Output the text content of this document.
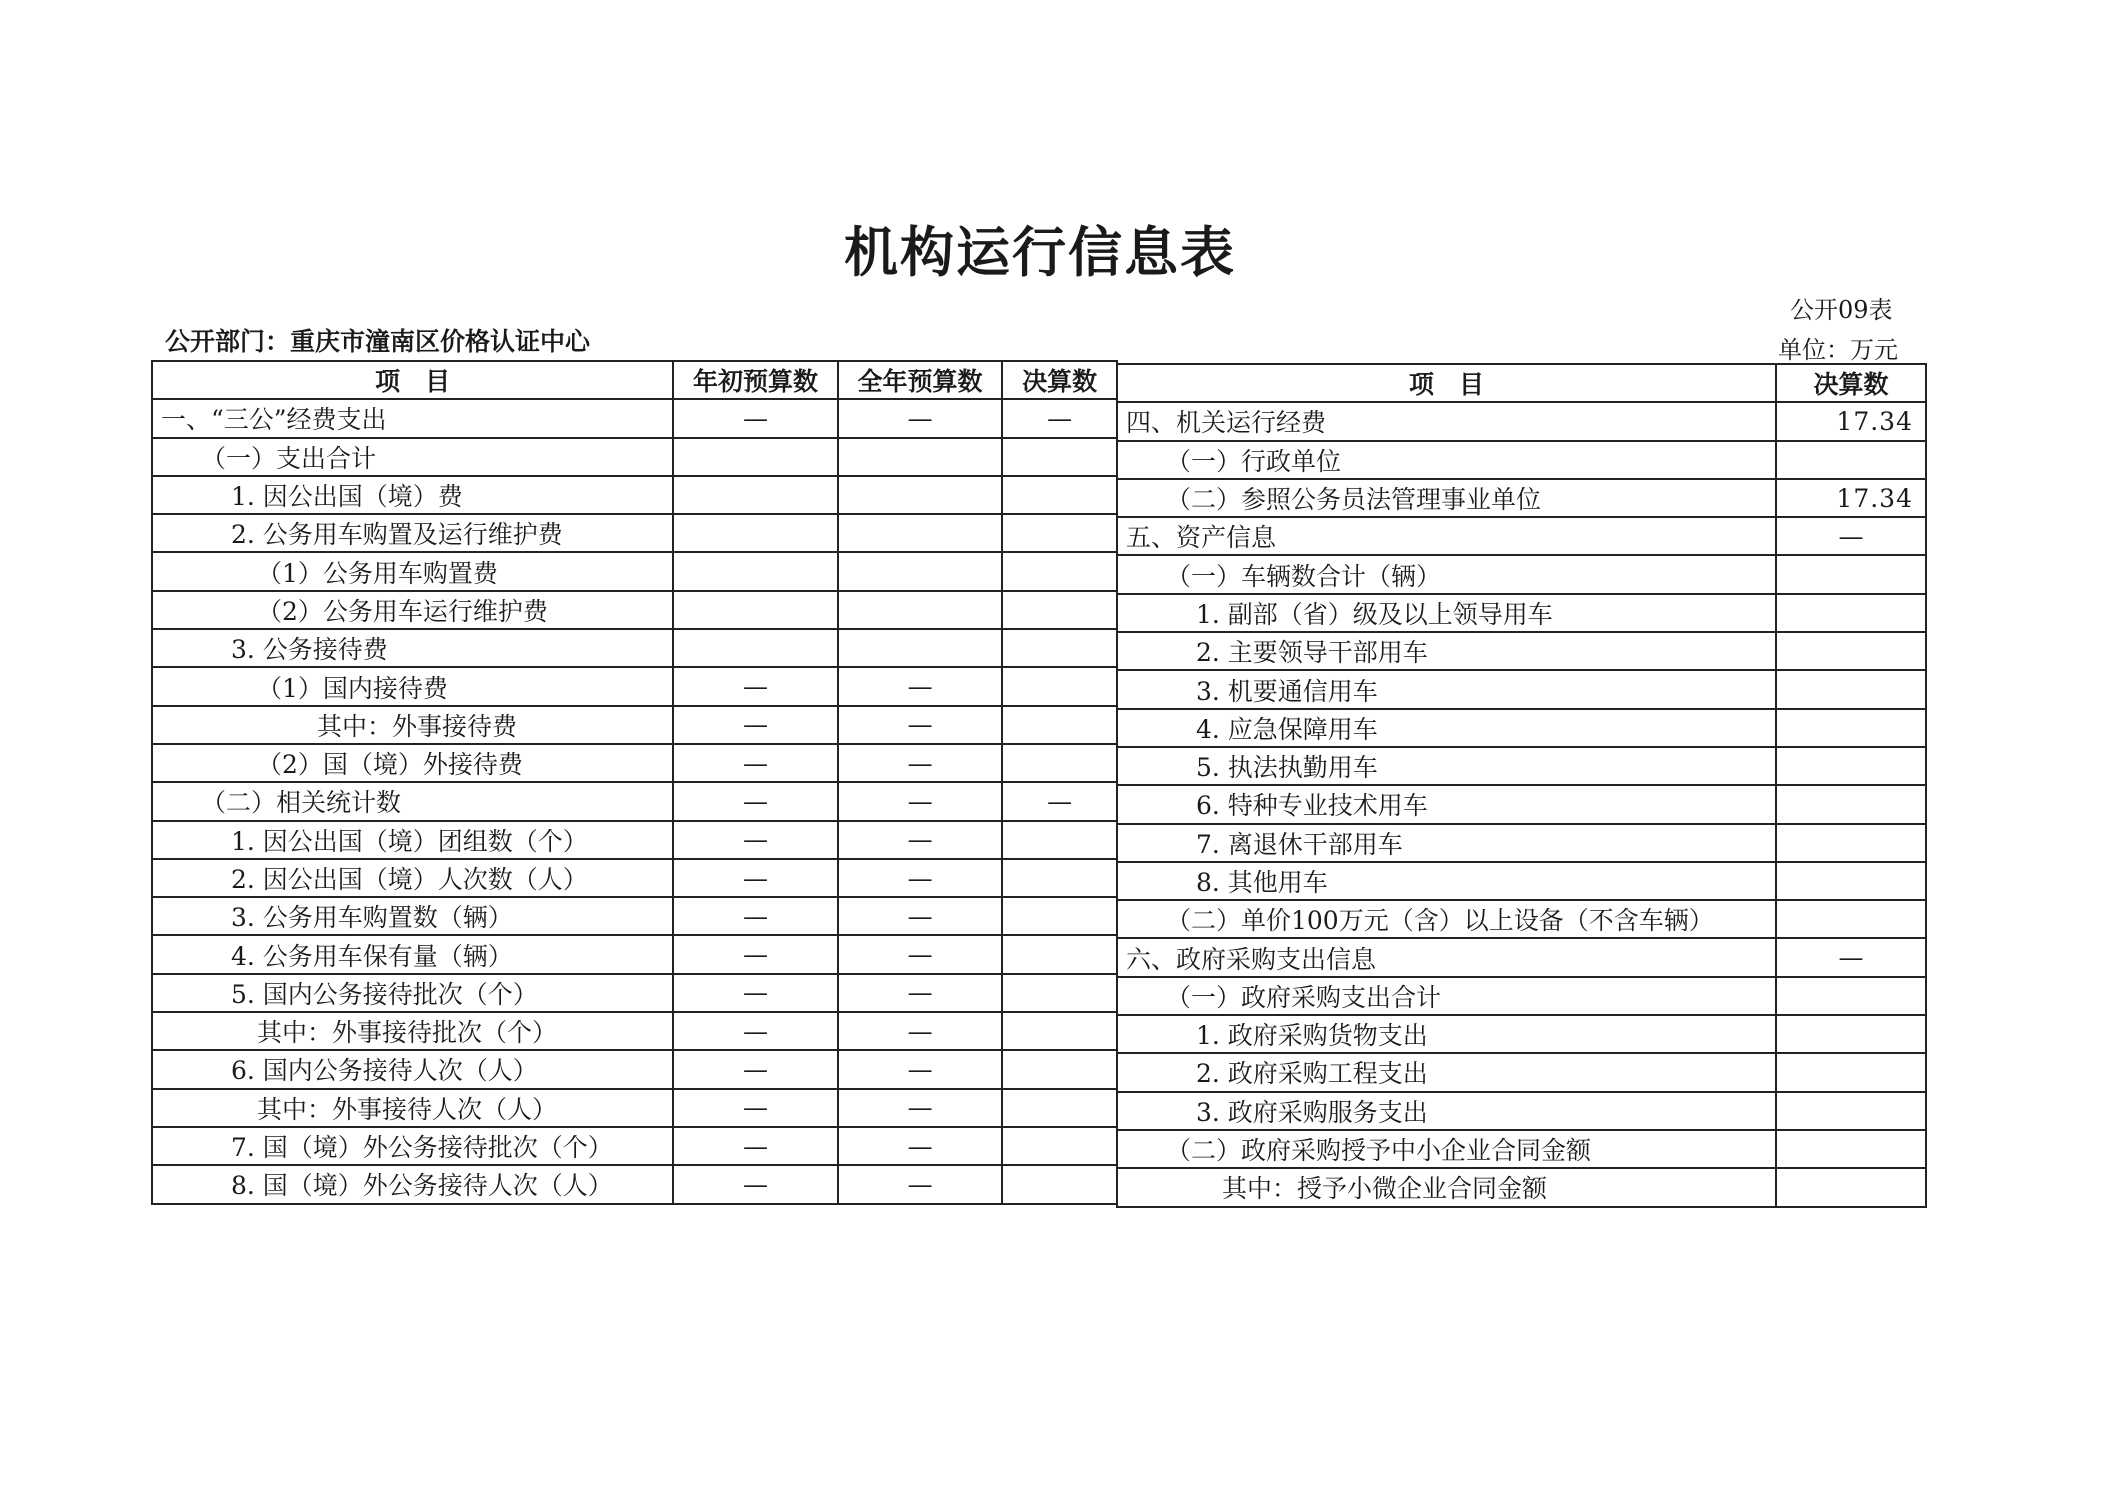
机构运行信息表
公开09表
公开部门：重庆市潼南区价格认证中心	单位：万元
项　目	年初预算数	全年预算数	决算数
一、“三公”经费支出	—	—	—
（一）支出合计			
1. 因公出国（境）费			
2. 公务用车购置及运行维护费			
（1）公务用车购置费			
（2）公务用车运行维护费			
3. 公务接待费			
（1）国内接待费	—	—	
其中：外事接待费	—	—	
（2）国（境）外接待费	—	—	
（二）相关统计数	—	—	—
1. 因公出国（境）团组数（个）	—	—	
2. 因公出国（境）人次数（人）	—	—	
3. 公务用车购置数（辆）	—	—	
4. 公务用车保有量（辆）	—	—	
5. 国内公务接待批次（个）	—	—	
其中：外事接待批次（个）	—	—	
6. 国内公务接待人次（人）	—	—	
其中：外事接待人次（人）	—	—	
7. 国（境）外公务接待批次（个）	—	—	
8. 国（境）外公务接待人次（人）	—	—	
项　目	决算数
四、机关运行经费	17.34
（一）行政单位	
（二）参照公务员法管理事业单位	17.34
五、资产信息	—
（一）车辆数合计（辆）	
1. 副部（省）级及以上领导用车	
2. 主要领导干部用车	
3. 机要通信用车	
4. 应急保障用车	
5. 执法执勤用车	
6. 特种专业技术用车	
7. 离退休干部用车	
8. 其他用车	
（二）单价100万元（含）以上设备（不含车辆）	
六、政府采购支出信息	—
（一）政府采购支出合计	
1. 政府采购货物支出	
2. 政府采购工程支出	
3. 政府采购服务支出	
（二）政府采购授予中小企业合同金额	
其中：授予小微企业合同金额	
